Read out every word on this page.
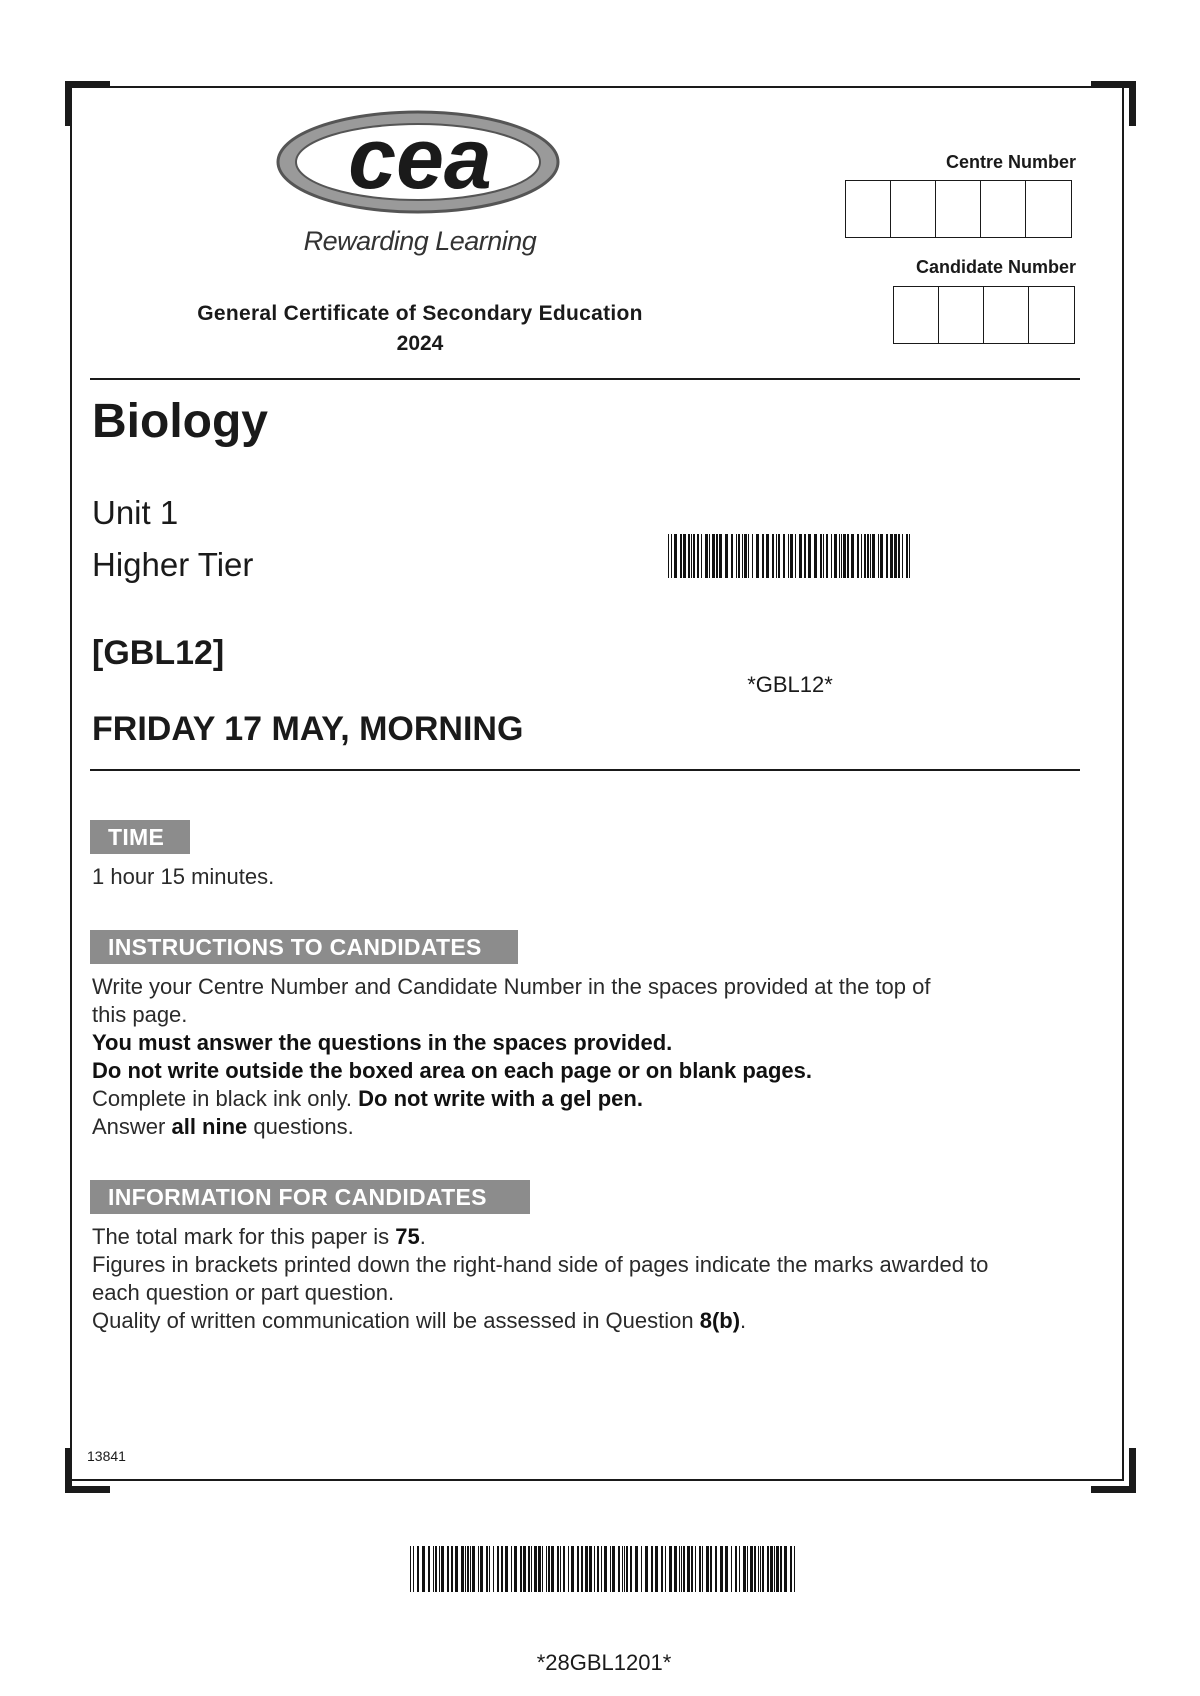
cea
Rewarding Learning
General Certificate of Secondary Education
2024
Centre Number
Candidate Number
Biology
Unit 1
Higher Tier
[GBL12]
FRIDAY 17 MAY, MORNING
*GBL12*
TIME
1 hour 15 minutes.
INSTRUCTIONS TO CANDIDATES
Write your Centre Number and Candidate Number in the spaces provided at the top of
this page.
You must answer the questions in the spaces provided.
Do not write outside the boxed area on each page or on blank pages.
Complete in black ink only. Do not write with a gel pen.
Answer all nine questions.
INFORMATION FOR CANDIDATES
The total mark for this paper is 75.
Figures in brackets printed down the right-hand side of pages indicate the marks awarded to
each question or part question.
Quality of written communication will be assessed in Question 8(b).
13841
*28GBL1201*
